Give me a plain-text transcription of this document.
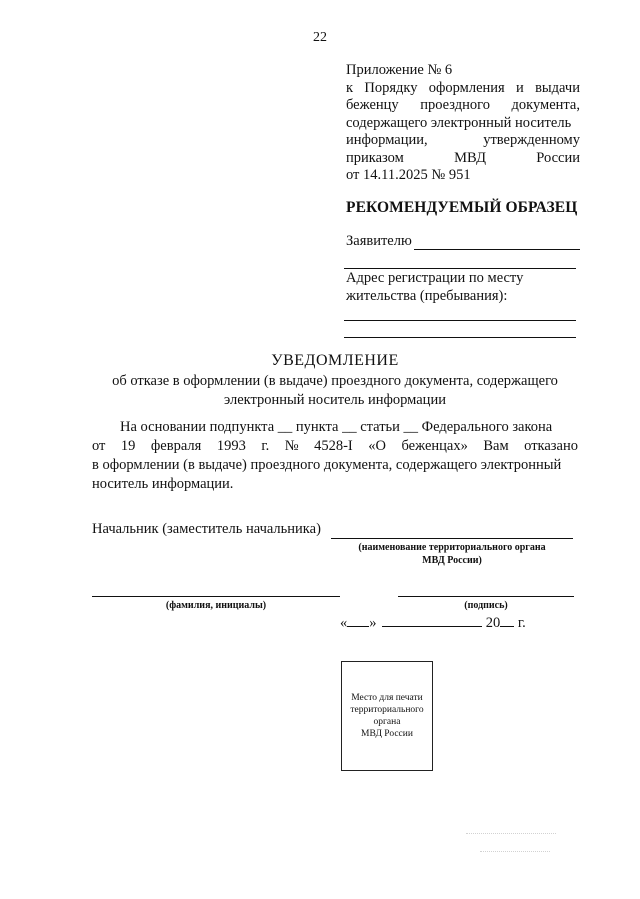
22
Приложение № 6
к Порядку оформления и выдачи
беженцу проездного документа,
содержащего электронный носитель
информации,	утвержденному
приказом	МВД	России
от 14.11.2025 № 951
РЕКОМЕНДУЕМЫЙ ОБРАЗЕЦ
Заявителю
Адрес регистрации по месту
жительства (пребывания):
УВЕДОМЛЕНИЕ
об отказе в оформлении (в выдаче) проездного документа, содержащего
электронный носитель информации
На основании подпункта __ пункта __ статьи __ Федерального закона
от 19 февраля 1993 г. № 4528-I «О беженцах» Вам отказано
в оформлении (в выдаче) проездного документа, содержащего электронный
носитель информации.
Начальник (заместитель начальника)
(наименование территориального органа
МВД России)
(фамилия, инициалы)	(подпись)
« »	20 г.
Место для печати
территориального
органа
МВД России
